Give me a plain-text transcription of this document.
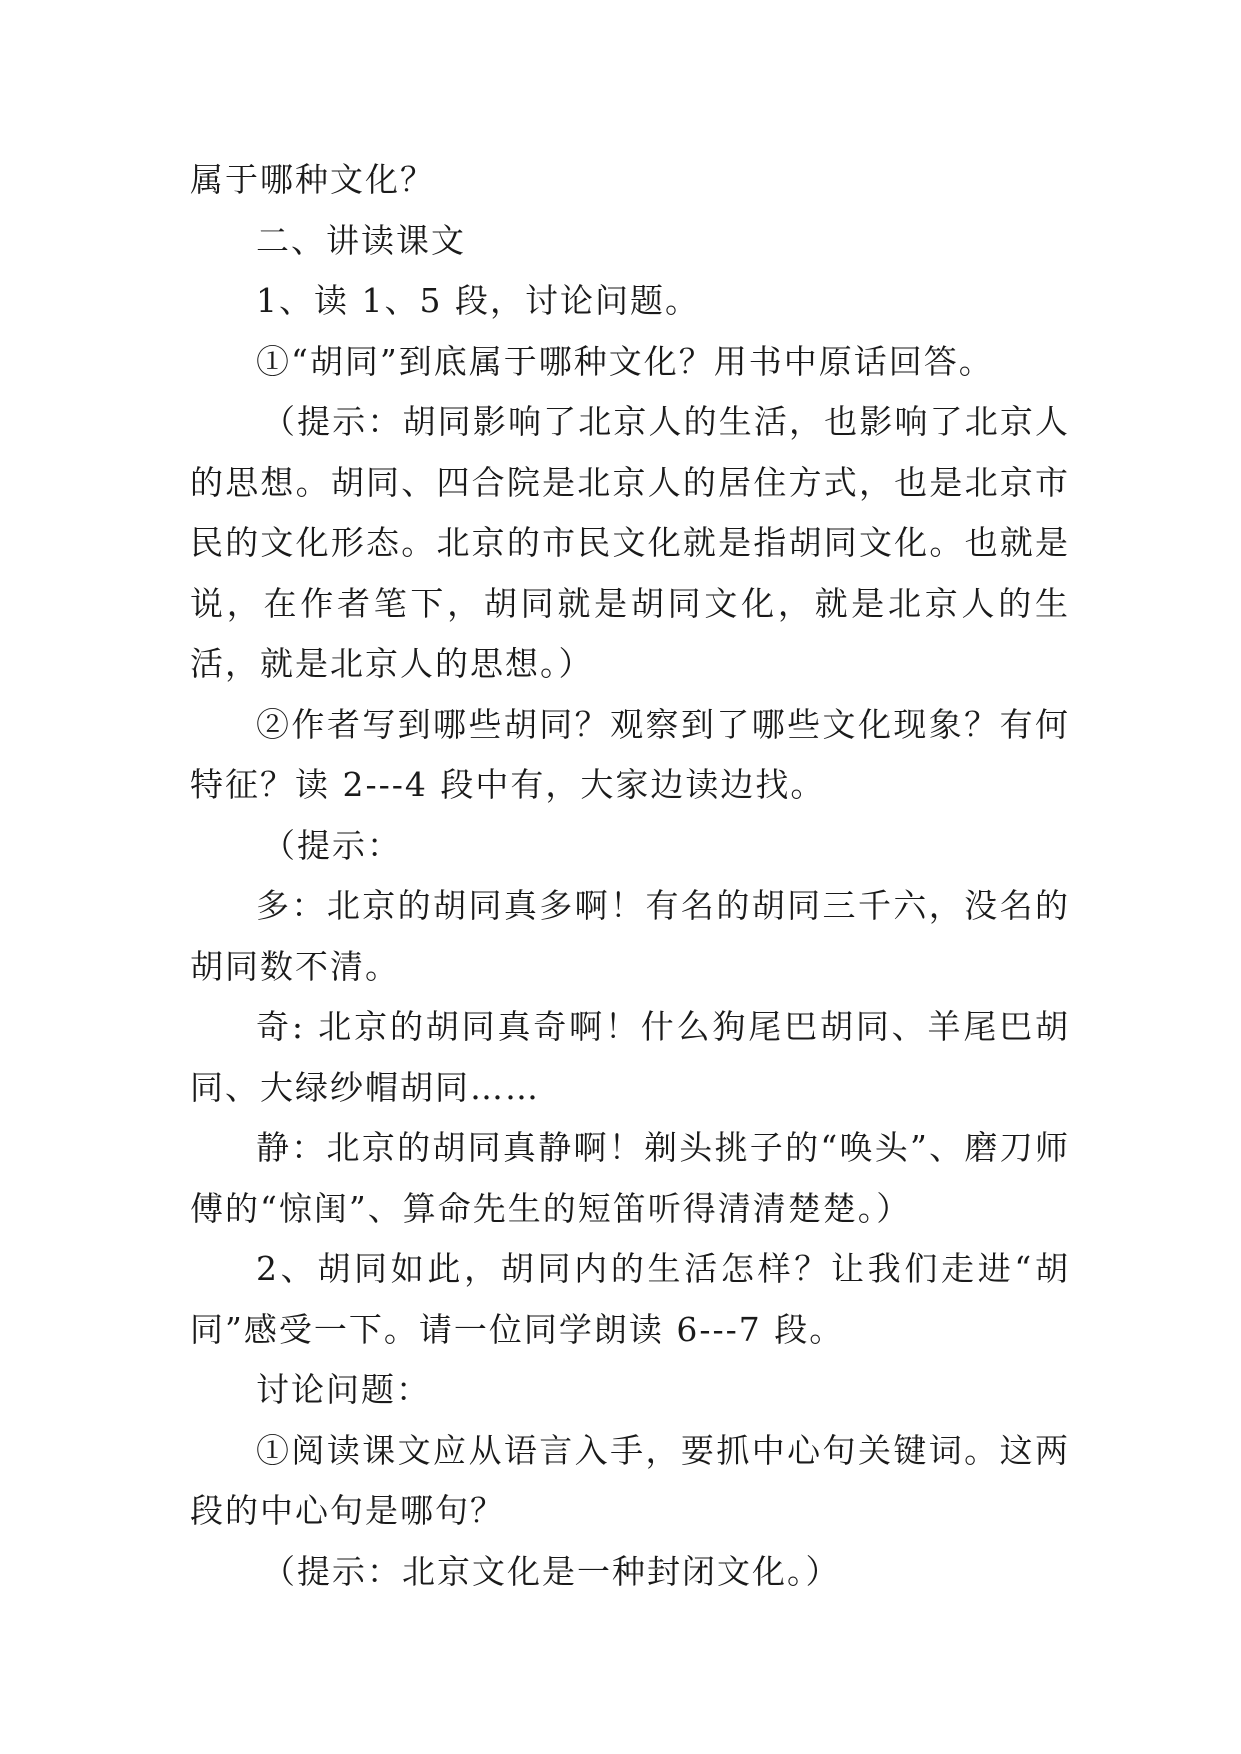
属于哪种文化？

二、讲读课文

1、读 1、5 段，讨论问题。

①“胡同”到底属于哪种文化？用书中原话回答。

（提示：胡同影响了北京人的生活，也影响了北京人的思想。胡同、四合院是北京人的居住方式，也是北京市民的文化形态。北京的市民文化就是指胡同文化。也就是说，在作者笔下，胡同就是胡同文化，就是北京人的生活，就是北京人的思想。）

②作者写到哪些胡同？观察到了哪些文化现象？有何特征？读 2---4 段中有，大家边读边找。

（提示：

多：北京的胡同真多啊！有名的胡同三千六，没名的胡同数不清。

奇: 北京的胡同真奇啊！什么狗尾巴胡同、羊尾巴胡同、大绿纱帽胡同……

静：北京的胡同真静啊！剃头挑子的“唤头”、磨刀师傅的“惊闺”、算命先生的短笛听得清清楚楚。）

2、胡同如此，胡同内的生活怎样？让我们走进“胡同”感受一下。请一位同学朗读 6---7 段。

讨论问题：

①阅读课文应从语言入手，要抓中心句关键词。这两段的中心句是哪句？

（提示：北京文化是一种封闭文化。）
